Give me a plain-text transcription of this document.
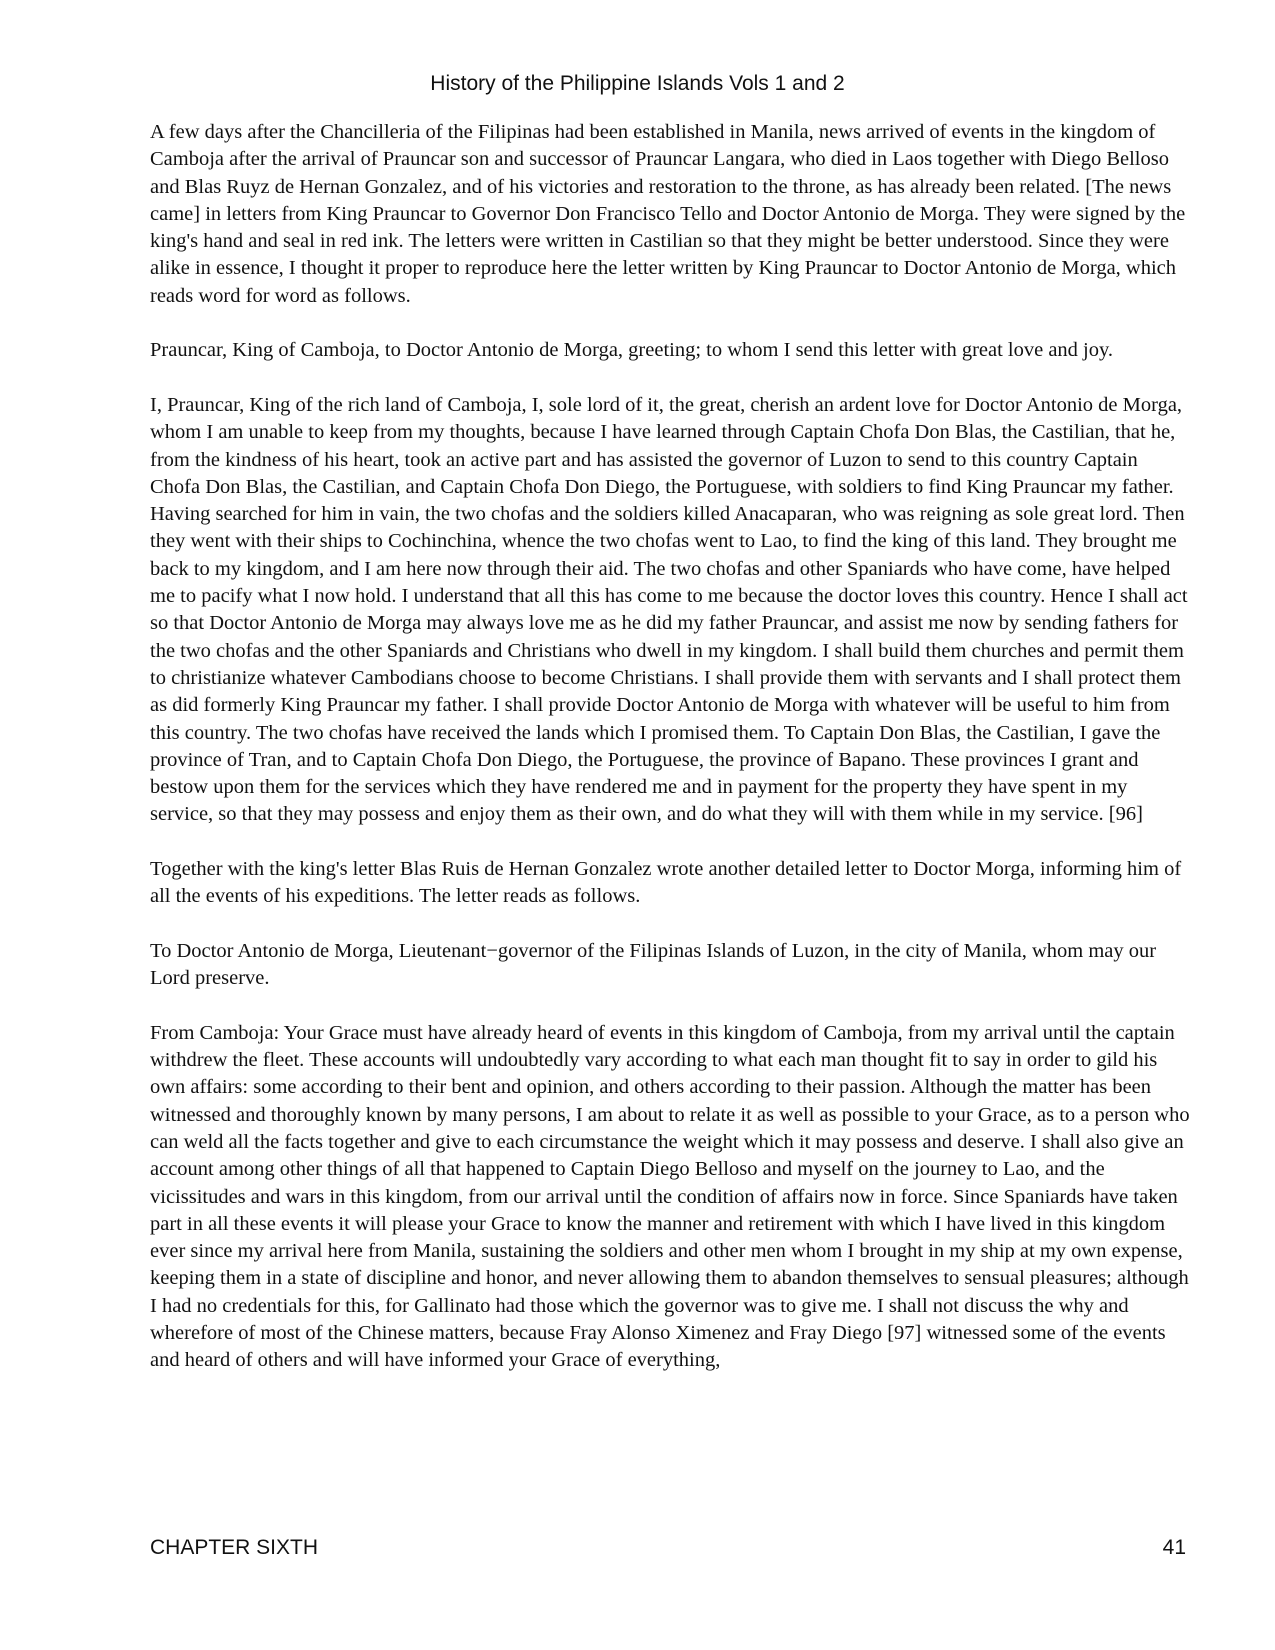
History of the Philippine Islands Vols 1 and 2

A few days after the Chancilleria of the Filipinas had been established in Manila, news arrived of events in the kingdom of Camboja after the arrival of Prauncar son and successor of Prauncar Langara, who died in Laos together with Diego Belloso and Blas Ruyz de Hernan Gonzalez, and of his victories and restoration to the throne, as has already been related. [The news came] in letters from King Prauncar to Governor Don Francisco Tello and Doctor Antonio de Morga. They were signed by the king's hand and seal in red ink. The letters were written in Castilian so that they might be better understood. Since they were alike in essence, I thought it proper to reproduce here the letter written by King Prauncar to Doctor Antonio de Morga, which reads word for word as follows.

Prauncar, King of Camboja, to Doctor Antonio de Morga, greeting; to whom I send this letter with great love and joy.

I, Prauncar, King of the rich land of Camboja, I, sole lord of it, the great, cherish an ardent love for Doctor Antonio de Morga, whom I am unable to keep from my thoughts, because I have learned through Captain Chofa Don Blas, the Castilian, that he, from the kindness of his heart, took an active part and has assisted the governor of Luzon to send to this country Captain Chofa Don Blas, the Castilian, and Captain Chofa Don Diego, the Portuguese, with soldiers to find King Prauncar my father. Having searched for him in vain, the two chofas and the soldiers killed Anacaparan, who was reigning as sole great lord. Then they went with their ships to Cochinchina, whence the two chofas went to Lao, to find the king of this land. They brought me back to my kingdom, and I am here now through their aid. The two chofas and other Spaniards who have come, have helped me to pacify what I now hold. I understand that all this has come to me because the doctor loves this country. Hence I shall act so that Doctor Antonio de Morga may always love me as he did my father Prauncar, and assist me now by sending fathers for the two chofas and the other Spaniards and Christians who dwell in my kingdom. I shall build them churches and permit them to christianize whatever Cambodians choose to become Christians. I shall provide them with servants and I shall protect them as did formerly King Prauncar my father. I shall provide Doctor Antonio de Morga with whatever will be useful to him from this country. The two chofas have received the lands which I promised them. To Captain Don Blas, the Castilian, I gave the province of Tran, and to Captain Chofa Don Diego, the Portuguese, the province of Bapano. These provinces I grant and bestow upon them for the services which they have rendered me and in payment for the property they have spent in my service, so that they may possess and enjoy them as their own, and do what they will with them while in my service. [96]

Together with the king's letter Blas Ruis de Hernan Gonzalez wrote another detailed letter to Doctor Morga, informing him of all the events of his expeditions. The letter reads as follows.

To Doctor Antonio de Morga, Lieutenant−governor of the Filipinas Islands of Luzon, in the city of Manila, whom may our Lord preserve.

From Camboja: Your Grace must have already heard of events in this kingdom of Camboja, from my arrival until the captain withdrew the fleet. These accounts will undoubtedly vary according to what each man thought fit to say in order to gild his own affairs: some according to their bent and opinion, and others according to their passion. Although the matter has been witnessed and thoroughly known by many persons, I am about to relate it as well as possible to your Grace, as to a person who can weld all the facts together and give to each circumstance the weight which it may possess and deserve. I shall also give an account among other things of all that happened to Captain Diego Belloso and myself on the journey to Lao, and the vicissitudes and wars in this kingdom, from our arrival until the condition of affairs now in force. Since Spaniards have taken part in all these events it will please your Grace to know the manner and retirement with which I have lived in this kingdom ever since my arrival here from Manila, sustaining the soldiers and other men whom I brought in my ship at my own expense, keeping them in a state of discipline and honor, and never allowing them to abandon themselves to sensual pleasures; although I had no credentials for this, for Gallinato had those which the governor was to give me. I shall not discuss the why and wherefore of most of the Chinese matters, because Fray Alonso Ximenez and Fray Diego [97] witnessed some of the events and heard of others and will have informed your Grace of everything,

CHAPTER SIXTH	41
